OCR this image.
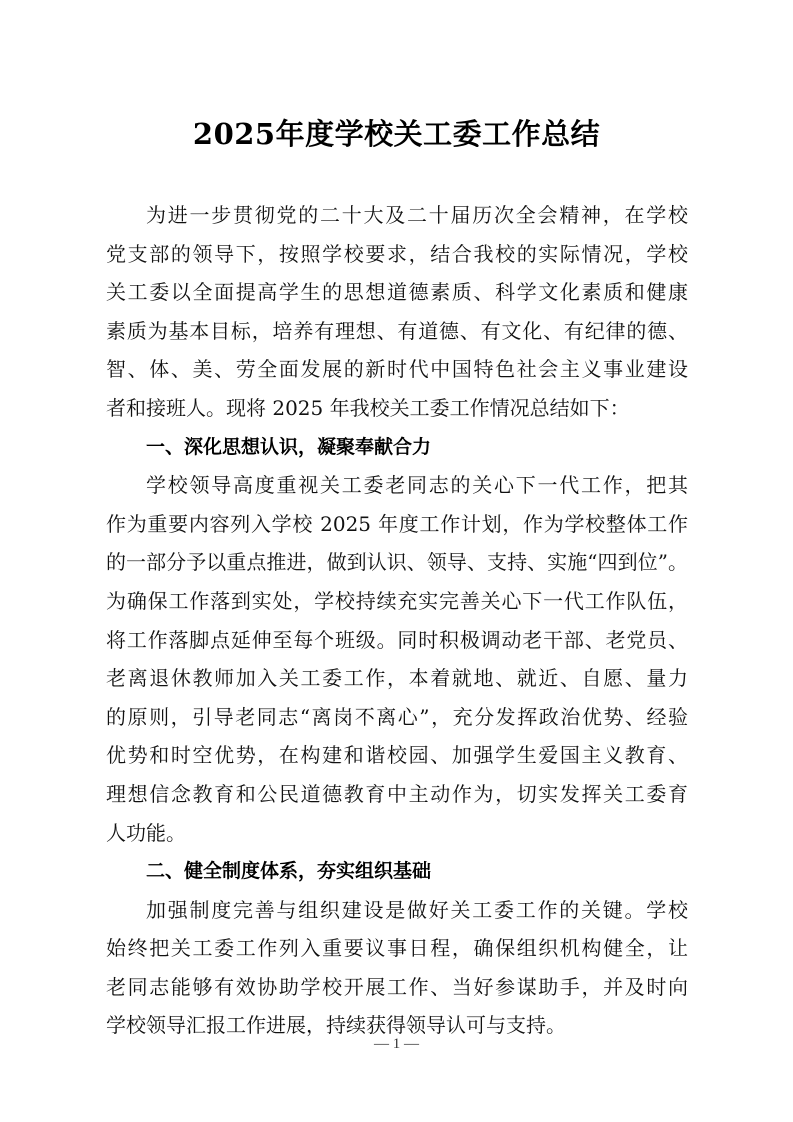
2025年度学校关工委工作总结
为进一步贯彻党的二十大及二十届历次全会精神，在学校
党支部的领导下，按照学校要求，结合我校的实际情况，学校
关工委以全面提高学生的思想道德素质、科学文化素质和健康
素质为基本目标，培养有理想、有道德、有文化、有纪律的德、
智、体、美、劳全面发展的新时代中国特色社会主义事业建设
者和接班人。现将 2025 年我校关工委工作情况总结如下：
一、深化思想认识，凝聚奉献合力
学校领导高度重视关工委老同志的关心下一代工作，把其
作为重要内容列入学校 2025 年度工作计划，作为学校整体工作
的一部分予以重点推进，做到认识、领导、支持、实施“四到位”。
为确保工作落到实处，学校持续充实完善关心下一代工作队伍，
将工作落脚点延伸至每个班级。同时积极调动老干部、老党员、
老离退休教师加入关工委工作，本着就地、就近、自愿、量力
的原则，引导老同志“离岗不离心”，充分发挥政治优势、经验
优势和时空优势，在构建和谐校园、加强学生爱国主义教育、
理想信念教育和公民道德教育中主动作为，切实发挥关工委育
人功能。
二、健全制度体系，夯实组织基础
加强制度完善与组织建设是做好关工委工作的关键。学校
始终把关工委工作列入重要议事日程，确保组织机构健全，让
老同志能够有效协助学校开展工作、当好参谋助手，并及时向
学校领导汇报工作进展，持续获得领导认可与支持。
— 1 —
